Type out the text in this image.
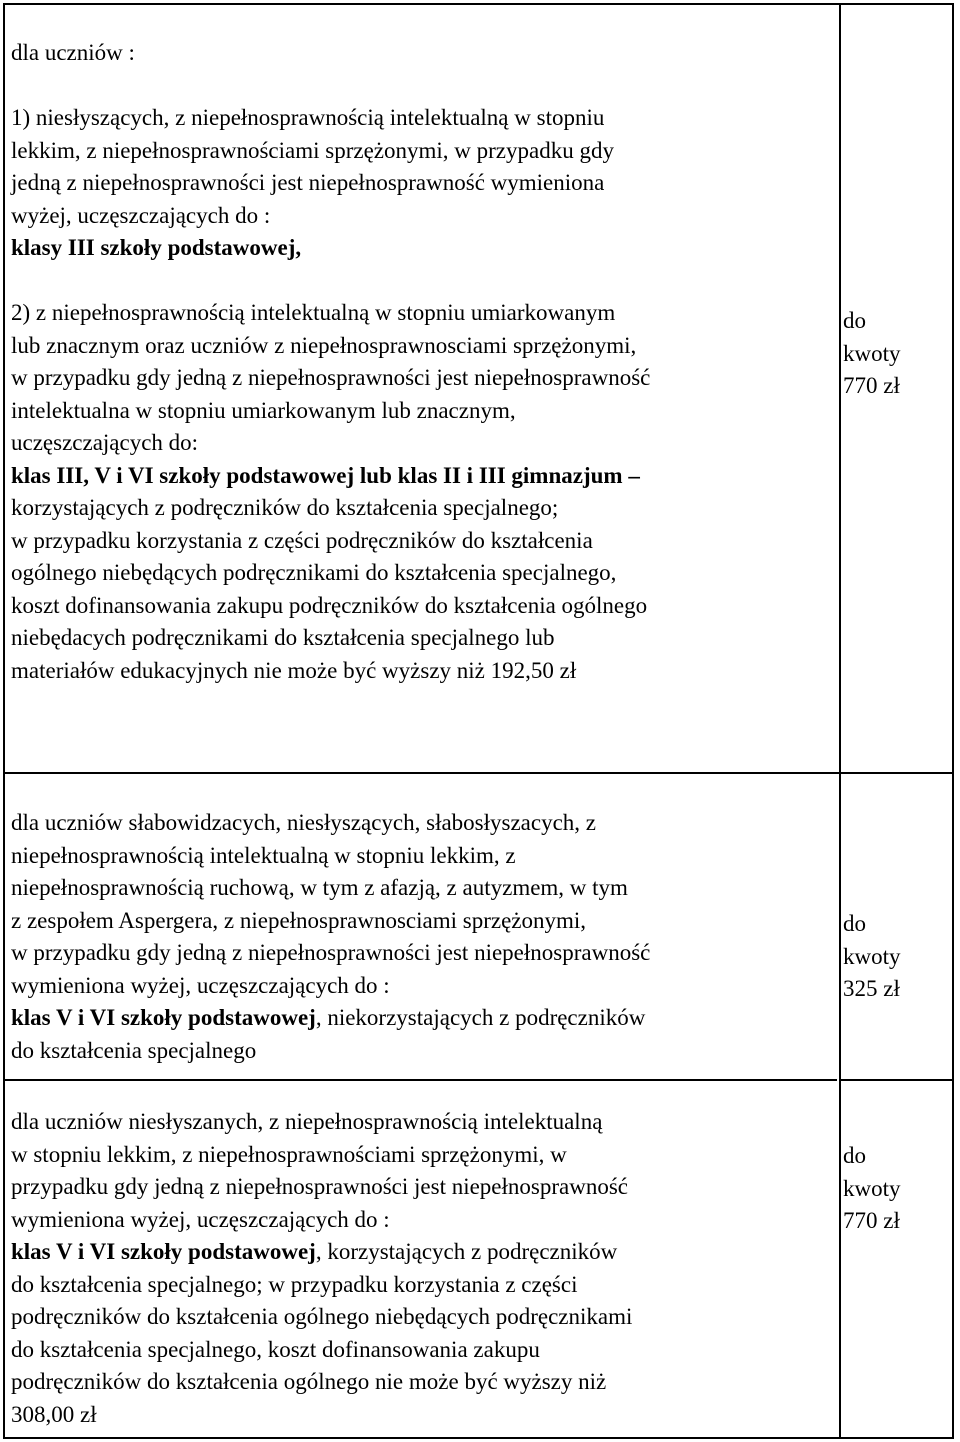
dla uczniów :

1) niesłyszących, z niepełnosprawnością intelektualną w stopniu
lekkim, z niepełnosprawnościami sprzężonymi, w przypadku gdy
jedną z niepełnosprawności jest niepełnosprawność wymieniona
wyżej, uczęszczających do :
klasy III szkoły podstawowej,

2) z niepełnosprawnością intelektualną w stopniu umiarkowanym
lub znacznym oraz uczniów z niepełnosprawnosciami sprzężonymi,
w przypadku gdy jedną z niepełnosprawności jest niepełnosprawność
intelektualna w stopniu umiarkowanym lub znacznym,
uczęszczających do:
klas III, V i VI szkoły podstawowej lub klas II i III gimnazjum –
korzystających z podręczników do kształcenia specjalnego;
w przypadku korzystania z części podręczników do kształcenia
ogólnego niebędących podręcznikami do kształcenia specjalnego,
koszt dofinansowania zakupu podręczników do kształcenia ogólnego
niebędacych podręcznikami do kształcenia specjalnego lub
materiałów edukacyjnych nie może być wyższy niż 192,50 zł
do
kwoty
770 zł
dla uczniów słabowidzacych, niesłyszących, słabosłyszacych, z
niepełnosprawnością intelektualną w stopniu lekkim, z
niepełnosprawnością ruchową, w tym z afazją, z autyzmem, w tym
z zespołem Aspergera, z niepełnosprawnosciami sprzężonymi,
w przypadku gdy jedną z niepełnosprawności jest niepełnosprawność
wymieniona wyżej, uczęszczających do :
klas V i VI szkoły podstawowej, niekorzystających z podręczników
do kształcenia specjalnego
do
kwoty
325 zł
dla uczniów niesłyszanych, z niepełnosprawnością intelektualną
w stopniu lekkim, z niepełnosprawnościami sprzężonymi, w
przypadku gdy jedną z niepełnosprawności jest niepełnosprawność
wymieniona wyżej, uczęszczających do :
klas V i VI szkoły podstawowej, korzystających z podręczników
do kształcenia specjalnego; w przypadku korzystania z części
podręczników do kształcenia ogólnego niebędących podręcznikami
do kształcenia specjalnego, koszt dofinansowania zakupu
podręczników do kształcenia ogólnego nie może być wyższy niż
308,00 zł
do
kwoty
770 zł
